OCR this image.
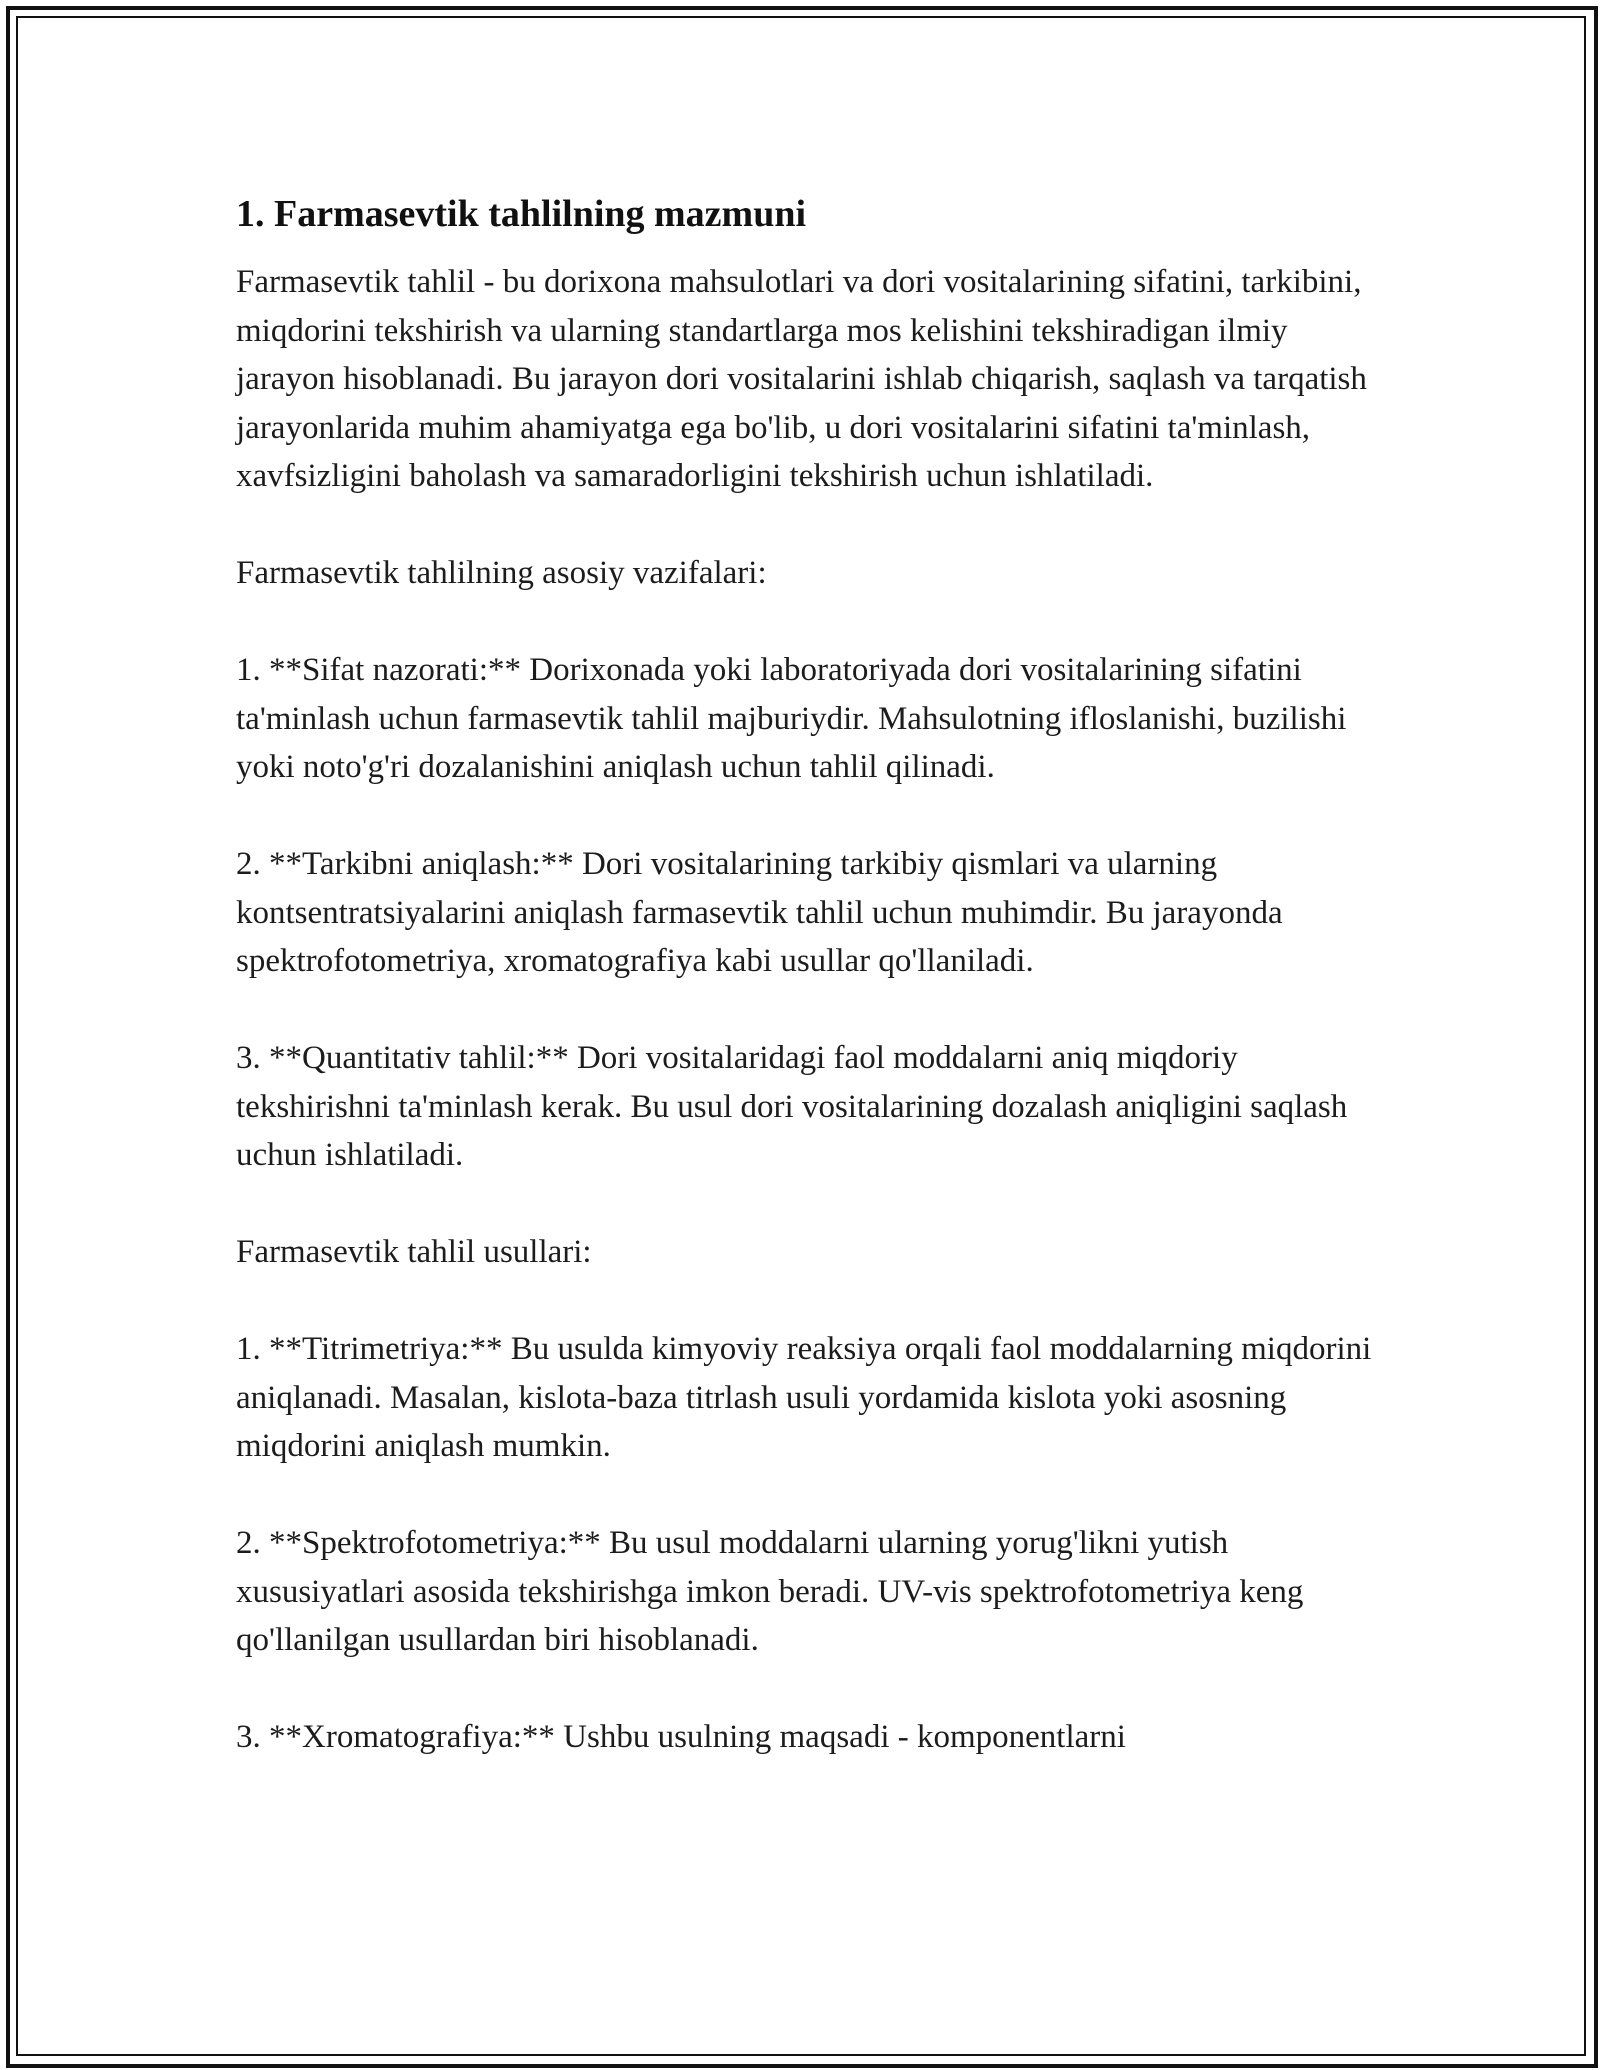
1. Farmasevtik tahlilning mazmuni

Farmasevtik tahlil - bu dorixona mahsulotlari va dori vositalarining sifatini, tarkibini, miqdorini tekshirish va ularning standartlarga mos kelishini tekshiradigan ilmiy jarayon hisoblanadi. Bu jarayon dori vositalarini ishlab chiqarish, saqlash va tarqatish jarayonlarida muhim ahamiyatga ega bo'lib, u dori vositalarini sifatini ta'minlash, xavfsizligini baholash va samaradorligini tekshirish uchun ishlatiladi.

Farmasevtik tahlilning asosiy vazifalari:

1. **Sifat nazorati:** Dorixonada yoki laboratoriyada dori vositalarining sifatini ta'minlash uchun farmasevtik tahlil majburiydir. Mahsulotning ifloslanishi, buzilishi yoki noto'g'ri dozalanishini aniqlash uchun tahlil qilinadi.

2. **Tarkibni aniqlash:** Dori vositalarining tarkibiy qismlari va ularning kontsentratsiyalarini aniqlash farmasevtik tahlil uchun muhimdir. Bu jarayonda spektrofotometriya, xromatografiya kabi usullar qo'llaniladi.

3. **Quantitativ tahlil:** Dori vositalaridagi faol moddalarni aniq miqdoriy tekshirishni ta'minlash kerak. Bu usul dori vositalarining dozalash aniqligini saqlash uchun ishlatiladi.

Farmasevtik tahlil usullari:

1. **Titrimetriya:** Bu usulda kimyoviy reaksiya orqali faol moddalarning miqdorini aniqlanadi. Masalan, kislota-baza titrlash usuli yordamida kislota yoki asosning miqdorini aniqlash mumkin.

2. **Spektrofotometriya:** Bu usul moddalarni ularning yorug'likni yutish xususiyatlari asosida tekshirishga imkon beradi. UV-vis spektrofotometriya keng qo'llanilgan usullardan biri hisoblanadi.

3. **Xromatografiya:** Ushbu usulning maqsadi - komponentlarni
